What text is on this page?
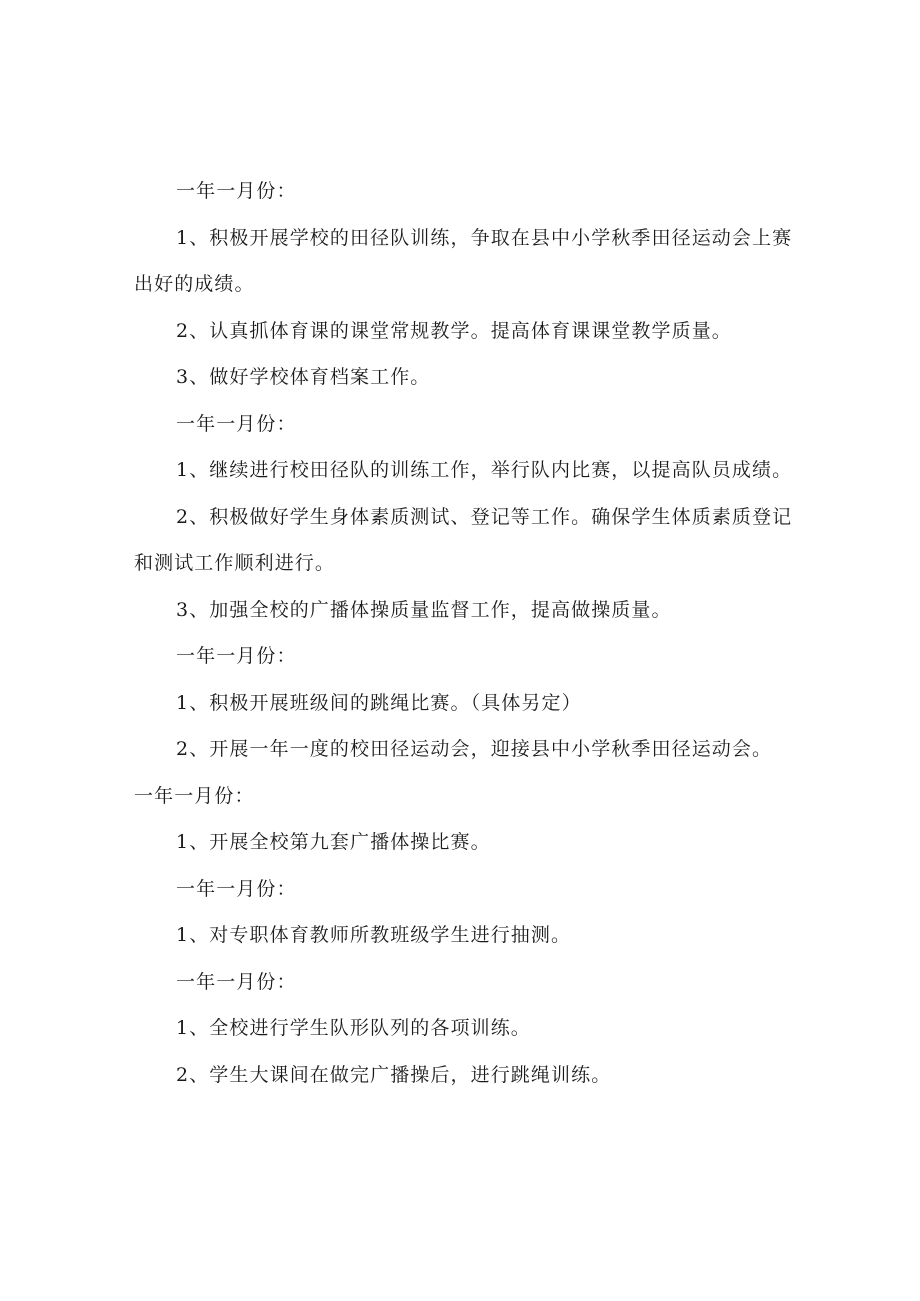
一年一月份：

1、积极开展学校的田径队训练，争取在县中小学秋季田径运动会上赛

出好的成绩。

2、认真抓体育课的课堂常规教学。提高体育课课堂教学质量。

3、做好学校体育档案工作。

一年一月份：

1、继续进行校田径队的训练工作，举行队内比赛，以提高队员成绩。

2、积极做好学生身体素质测试、登记等工作。确保学生体质素质登记

和测试工作顺利进行。

3、加强全校的广播体操质量监督工作，提高做操质量。

一年一月份：

1、积极开展班级间的跳绳比赛。（具体另定）

2、开展一年一度的校田径运动会，迎接县中小学秋季田径运动会。

一年一月份：

1、开展全校第九套广播体操比赛。

一年一月份：

1、对专职体育教师所教班级学生进行抽测。

一年一月份：

1、全校进行学生队形队列的各项训练。

2、学生大课间在做完广播操后，进行跳绳训练。
